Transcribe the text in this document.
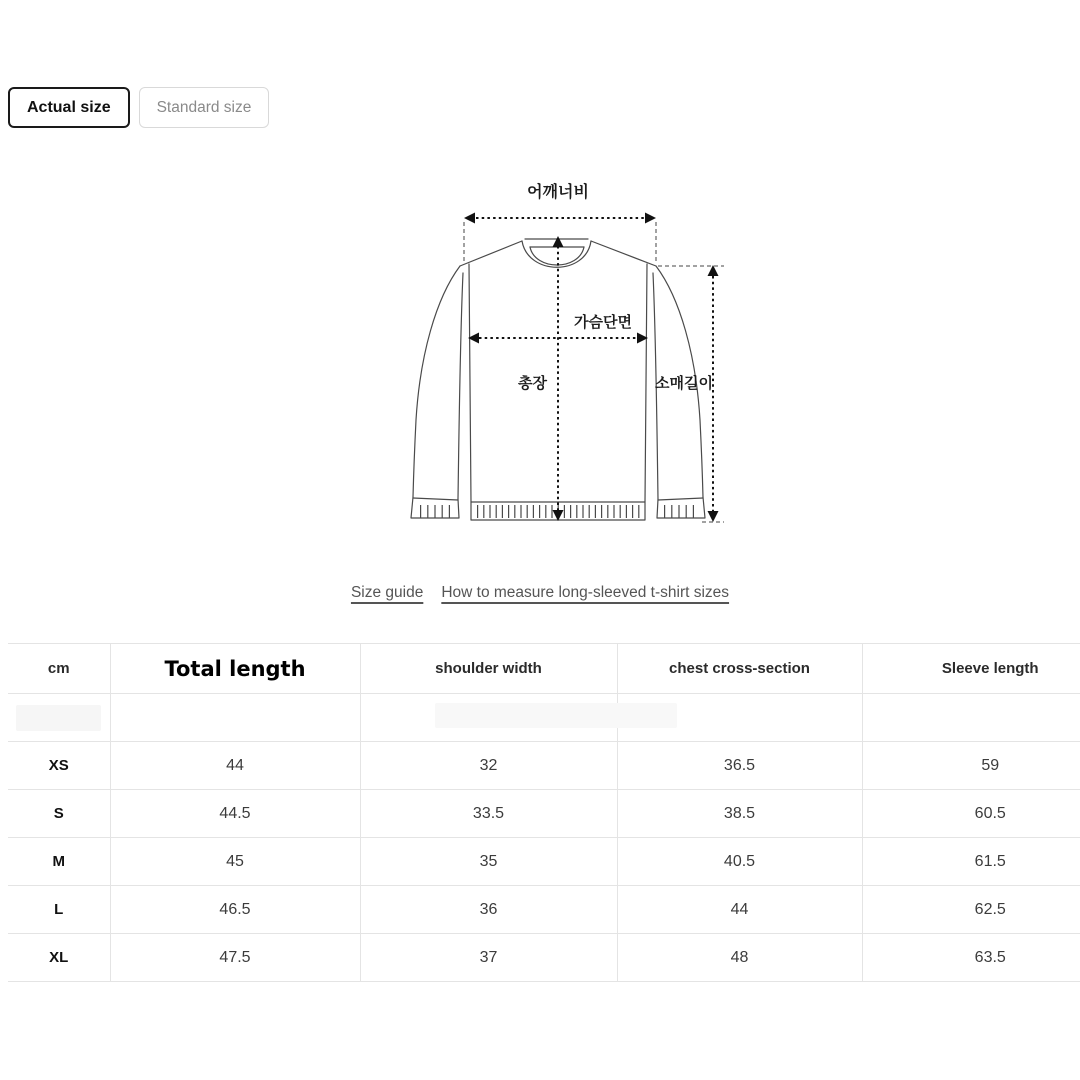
Actual size	Standard size
어깨너비
가슴단면
총장	소매길이
Size guide How to measure long-sleeved t-shirt sizes
cm	Total length	shoulder width	chest cross-section	Sleeve length

XS	44	32	36.5	59
S	44.5	33.5	38.5	60.5
M	45	35	40.5	61.5
L	46.5	36	44	62.5
XL	47.5	37	48	63.5
